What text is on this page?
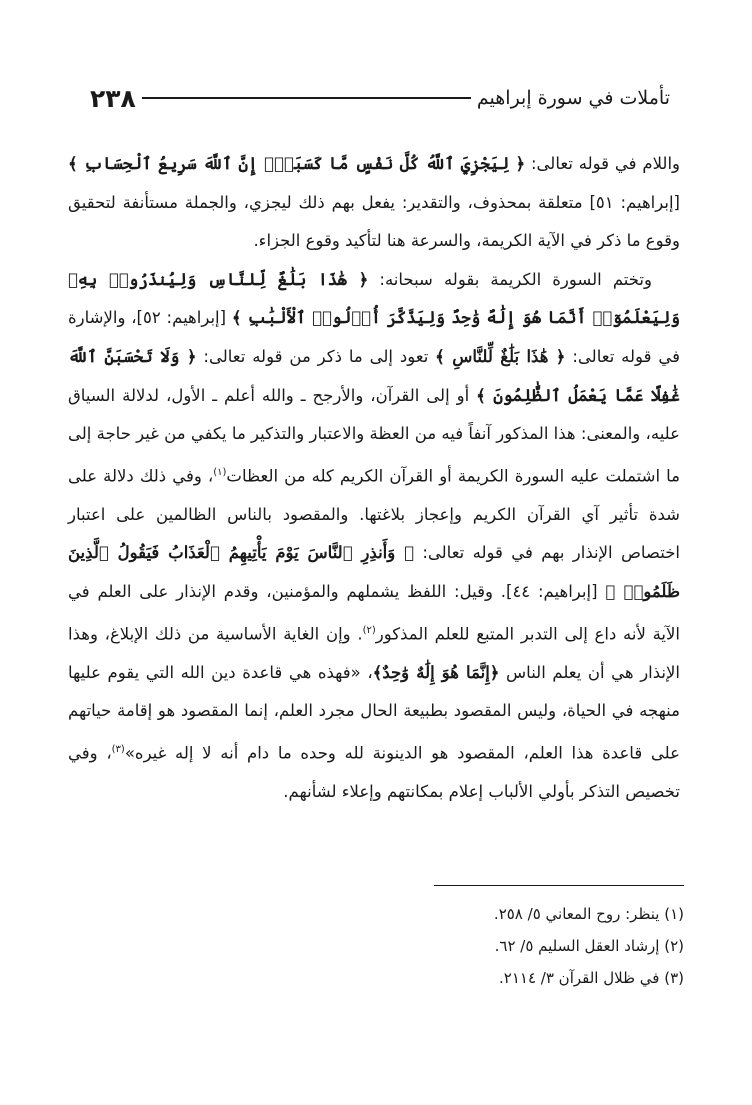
تأملات في سورة إبراهيم
٢٣٨

واللام في قوله تعالى: ﴿ لِيَجْزِيَ ٱللَّهُ كُلَّ نَفْسٍ مَّا كَسَبَتْۚ إِنَّ ٱللَّهَ سَرِيعُ ٱلْحِسَابِ ﴾ [إبراهيم: ٥١] متعلقة بمحذوف، والتقدير: يفعل بهم ذلك ليجزي، والجملة مستأنفة لتحقيق وقوع ما ذكر في الآية الكريمة، والسرعة هنا لتأكيد وقوع الجزاء.

وتختم السورة الكريمة بقوله سبحانه: ﴿ هَٰذَا بَلَٰغٌ لِّلنَّاسِ وَلِيُنذَرُوا۟ بِهِۦ وَلِيَعْلَمُوٓا۟ أَنَّمَا هُوَ إِلَٰهٌ وَٰحِدٌ وَلِيَذَّكَّرَ أُو۟لُوا۟ ٱلْأَلْبَٰبِ ﴾ [إبراهيم: ٥٢]، والإشارة في قوله تعالى: ﴿ هَٰذَا بَلَٰغٌ لِّلنَّاسِ ﴾ تعود إلى ما ذكر من قوله تعالى: ﴿ وَلَا تَحْسَبَنَّ ٱللَّهَ غَٰفِلًا عَمَّا يَعْمَلُ ٱلظَّٰلِمُونَ ﴾ أو إلى القرآن، والأرجح ـ والله أعلم ـ الأول، لدلالة السياق عليه، والمعنى: هذا المذكور آنفاً فيه من العظة والاعتبار والتذكير ما يكفي من غير حاجة إلى ما اشتملت عليه السورة الكريمة أو القرآن الكريم كله من العظات$^{(١)}$، وفي ذلك دلالة على شدة تأثير آي القرآن الكريم وإعجاز بلاغتها. والمقصود بالناس الظالمين على اعتبار اختصاص الإنذار بهم في قوله تعالى: ﴿ وَأَنذِرِ ٱلنَّاسَ يَوْمَ يَأْتِيهِمُ ٱلْعَذَابُ فَيَقُولُ ٱلَّذِينَ ظَلَمُوا۟ ﴾ [إبراهيم: ٤٤]. وقيل: اللفظ يشملهم والمؤمنين، وقدم الإنذار على العلم في الآية لأنه داع إلى التدبر المتبع للعلم المذكور$^{(٢)}$. وإن الغاية الأساسية من ذلك الإبلاغ، وهذا الإنذار هي أن يعلم الناس ﴿إِنَّمَا هُوَ إِلَٰهٌ وَٰحِدٌ﴾، «فهذه هي قاعدة دين الله التي يقوم عليها منهجه في الحياة، وليس المقصود بطبيعة الحال مجرد العلم، إنما المقصود هو إقامة حياتهم على قاعدة هذا العلم، المقصود هو الدينونة لله وحده ما دام أنه لا إله غيره»$^{(٣)}$، وفي تخصيص التذكر بأولي الألباب إعلام بمكانتهم وإعلاء لشأنهم.

(١) ينظر: روح المعاني ٥/ ٢٥٨.

(٢) إرشاد العقل السليم ٥/ ٦٢.

(٣) في ظلال القرآن ٣/ ٢١١٤.
